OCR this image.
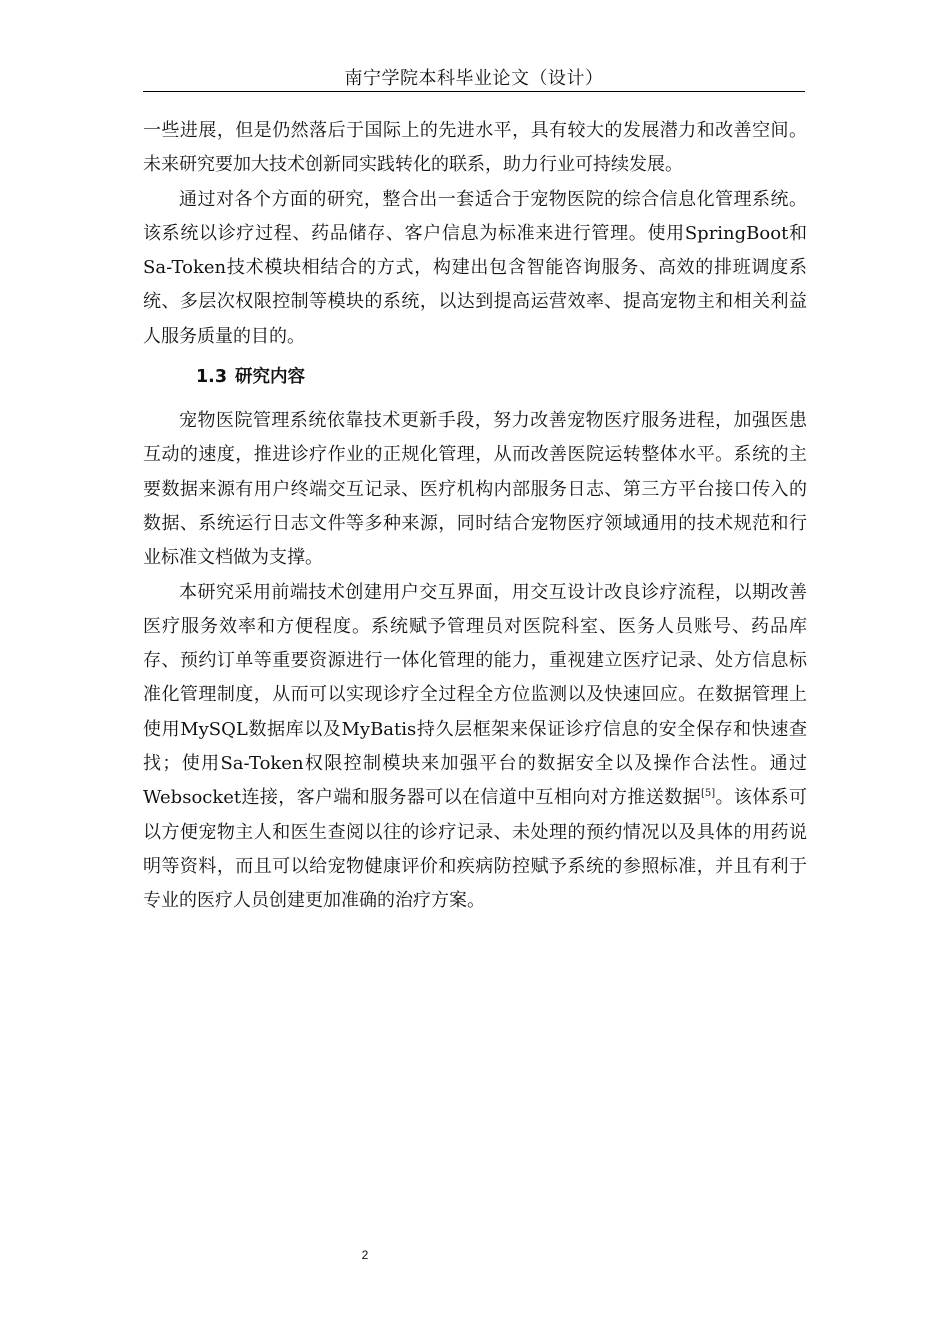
南宁学院本科毕业论文（设计）

一些进展，但是仍然落后于国际上的先进水平，具有较大的发展潜力和改善空间。未来研究要加大技术创新同实践转化的联系，助力行业可持续发展。

通过对各个方面的研究，整合出一套适合于宠物医院的综合信息化管理系统。该系统以诊疗过程、药品储存、客户信息为标准来进行管理。使用SpringBoot和Sa-Token技术模块相结合的方式，构建出包含智能咨询服务、高效的排班调度系统、多层次权限控制等模块的系统，以达到提高运营效率、提高宠物主和相关利益人服务质量的目的。

1.3 研究内容

宠物医院管理系统依靠技术更新手段，努力改善宠物医疗服务进程，加强医患互动的速度，推进诊疗作业的正规化管理，从而改善医院运转整体水平。系统的主要数据来源有用户终端交互记录、医疗机构内部服务日志、第三方平台接口传入的数据、系统运行日志文件等多种来源，同时结合宠物医疗领域通用的技术规范和行业标准文档做为支撑。

本研究采用前端技术创建用户交互界面，用交互设计改良诊疗流程，以期改善医疗服务效率和方便程度。系统赋予管理员对医院科室、医务人员账号、药品库存、预约订单等重要资源进行一体化管理的能力，重视建立医疗记录、处方信息标准化管理制度，从而可以实现诊疗全过程全方位监测以及快速回应。在数据管理上使用MySQL数据库以及MyBatis持久层框架来保证诊疗信息的安全保存和快速查找；使用Sa-Token权限控制模块来加强平台的数据安全以及操作合法性。通过Websocket连接，客户端和服务器可以在信道中互相向对方推送数据[5]。该体系可以方便宠物主人和医生查阅以往的诊疗记录、未处理的预约情况以及具体的用药说明等资料，而且可以给宠物健康评价和疾病防控赋予系统的参照标准，并且有利于专业的医疗人员创建更加准确的治疗方案。

2
